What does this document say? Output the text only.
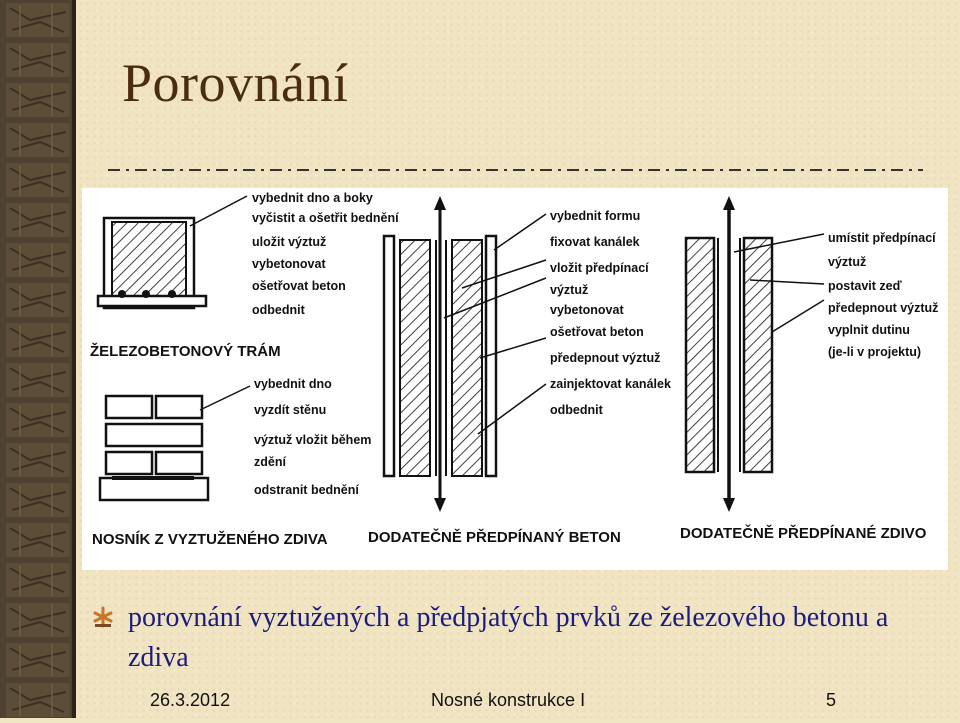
Porovnání
vybednit dno a boky
vyčistit a ošetřit bednění
uložit výztuž
vybetonovat
ošetřovat beton
odbednit
ŽELEZOBETONOVÝ TRÁM
vybednit dno
vyzdít stěnu
výztuž vložit během
zdění
odstranit bednění
NOSNÍK Z VYZTUŽENÉHO ZDIVA
vybednit formu
fixovat kanálek
vložit předpínací
výztuž
vybetonovat
ošetřovat beton
předepnout výztuž
zainjektovat kanálek
odbednit
DODATEČNĚ PŘEDPÍNANÝ BETON
umístit předpínací
výztuž
postavit zeď
předepnout výztuž
vyplnit dutinu
(je-li v projektu)
DODATEČNĚ PŘEDPÍNANÉ ZDIVO
porovnání vyztužených a předpjatých prvků ze železového betonu a zdiva
26.3.2012	Nosné konstrukce I	5
